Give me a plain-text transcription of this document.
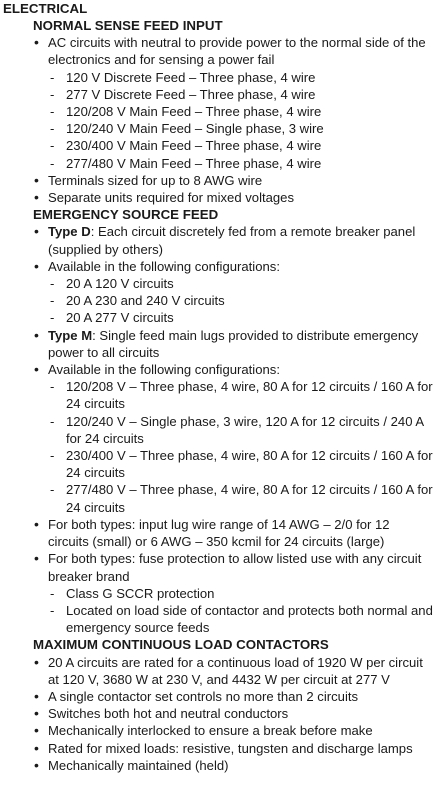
ELECTRICAL
NORMAL SENSE FEED INPUT
• AC circuits with neutral to provide power to the normal side of the electronics and for sensing a power fail
- 120 V Discrete Feed – Three phase, 4 wire
- 277 V Discrete Feed – Three phase, 4 wire
- 120/208 V Main Feed – Three phase, 4 wire
- 120/240 V Main Feed – Single phase, 3 wire
- 230/400 V Main Feed – Three phase, 4 wire
- 277/480 V Main Feed – Three phase, 4 wire
• Terminals sized for up to 8 AWG wire
• Separate units required for mixed voltages
EMERGENCY SOURCE FEED
• Type D: Each circuit discretely fed from a remote breaker panel (supplied by others)
• Available in the following configurations:
- 20 A 120 V circuits
- 20 A 230 and 240 V circuits
- 20 A 277 V circuits
• Type M: Single feed main lugs provided to distribute emergency power to all circuits
• Available in the following configurations:
- 120/208 V – Three phase, 4 wire, 80 A for 12 circuits / 160 A for 24 circuits
- 120/240 V – Single phase, 3 wire, 120 A for 12 circuits / 240 A for 24 circuits
- 230/400 V – Three phase, 4 wire, 80 A for 12 circuits / 160 A for 24 circuits
- 277/480 V – Three phase, 4 wire, 80 A for 12 circuits / 160 A for 24 circuits
• For both types: input lug wire range of 14 AWG – 2/0 for 12 circuits (small) or 6 AWG – 350 kcmil for 24 circuits (large)
• For both types: fuse protection to allow listed use with any circuit breaker brand
- Class G SCCR protection
- Located on load side of contactor and protects both normal and emergency source feeds
MAXIMUM CONTINUOUS LOAD CONTACTORS
• 20 A circuits are rated for a continuous load of 1920 W per circuit at 120 V, 3680 W at 230 V, and 4432 W per circuit at 277 V
• A single contactor set controls no more than 2 circuits
• Switches both hot and neutral conductors
• Mechanically interlocked to ensure a break before make
• Rated for mixed loads: resistive, tungsten and discharge lamps
• Mechanically maintained (held)
